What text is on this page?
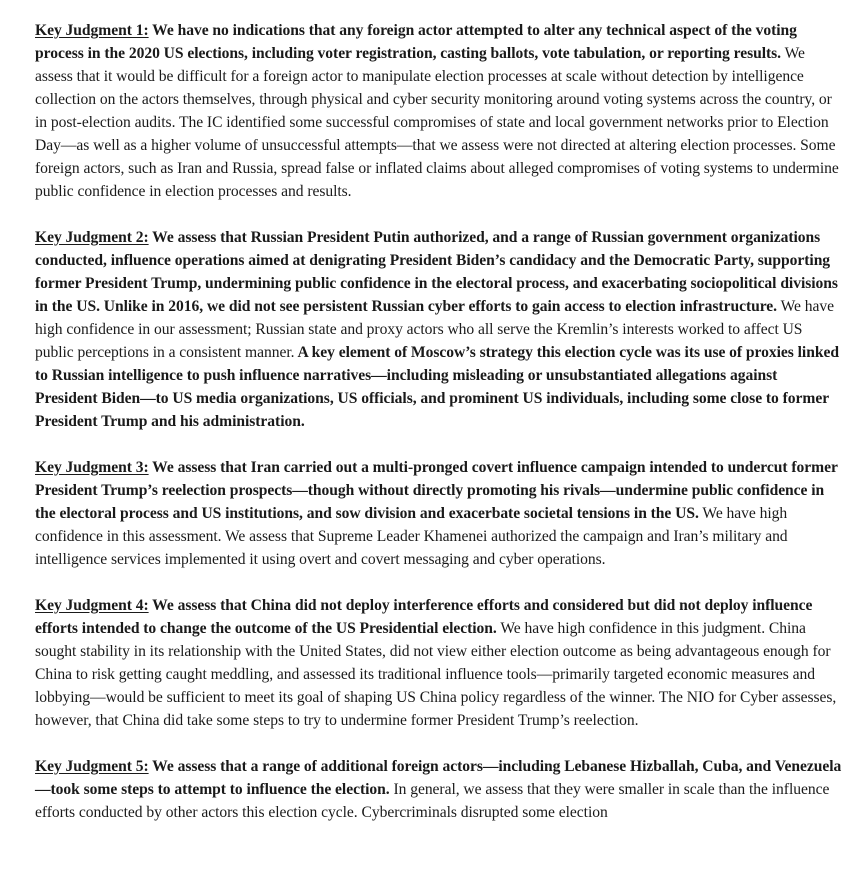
Key Judgment 1: We have no indications that any foreign actor attempted to alter any technical aspect of the voting process in the 2020 US elections, including voter registration, casting ballots, vote tabulation, or reporting results. We assess that it would be difficult for a foreign actor to manipulate election processes at scale without detection by intelligence collection on the actors themselves, through physical and cyber security monitoring around voting systems across the country, or in post-election audits. The IC identified some successful compromises of state and local government networks prior to Election Day—as well as a higher volume of unsuccessful attempts—that we assess were not directed at altering election processes. Some foreign actors, such as Iran and Russia, spread false or inflated claims about alleged compromises of voting systems to undermine public confidence in election processes and results.

Key Judgment 2: We assess that Russian President Putin authorized, and a range of Russian government organizations conducted, influence operations aimed at denigrating President Biden’s candidacy and the Democratic Party, supporting former President Trump, undermining public confidence in the electoral process, and exacerbating sociopolitical divisions in the US. Unlike in 2016, we did not see persistent Russian cyber efforts to gain access to election infrastructure. We have high confidence in our assessment; Russian state and proxy actors who all serve the Kremlin’s interests worked to affect US public perceptions in a consistent manner. A key element of Moscow’s strategy this election cycle was its use of proxies linked to Russian intelligence to push influence narratives—including misleading or unsubstantiated allegations against President Biden—to US media organizations, US officials, and prominent US individuals, including some close to former President Trump and his administration.

Key Judgment 3: We assess that Iran carried out a multi-pronged covert influence campaign intended to undercut former President Trump’s reelection prospects—though without directly promoting his rivals—undermine public confidence in the electoral process and US institutions, and sow division and exacerbate societal tensions in the US. We have high confidence in this assessment. We assess that Supreme Leader Khamenei authorized the campaign and Iran’s military and intelligence services implemented it using overt and covert messaging and cyber operations.

Key Judgment 4: We assess that China did not deploy interference efforts and considered but did not deploy influence efforts intended to change the outcome of the US Presidential election. We have high confidence in this judgment. China sought stability in its relationship with the United States, did not view either election outcome as being advantageous enough for China to risk getting caught meddling, and assessed its traditional influence tools—primarily targeted economic measures and lobbying—would be sufficient to meet its goal of shaping US China policy regardless of the winner. The NIO for Cyber assesses, however, that China did take some steps to try to undermine former President Trump’s reelection.

Key Judgment 5: We assess that a range of additional foreign actors—including Lebanese Hizballah, Cuba, and Venezuela—took some steps to attempt to influence the election. In general, we assess that they were smaller in scale than the influence efforts conducted by other actors this election cycle. Cybercriminals disrupted some election
